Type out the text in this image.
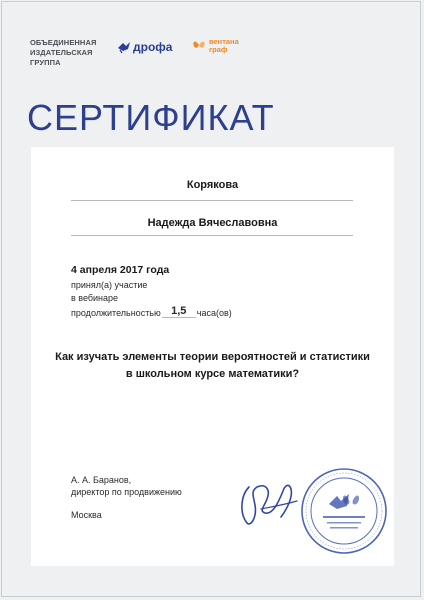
ОБЪЕДИНЕННАЯ ИЗДАТЕЛЬСКАЯ ГРУППА
дрофа	вентана
граф
СЕРТИФИКАТ
Корякова
Надежда Вячеславовна
4 апреля 2017 года
принял(а) участие
в вебинаре
продолжительностью 1,5	часа(ов)
Как изучать элементы теории вероятностей и статистики в школьном курсе математики?
А. А. Баранов,
директор по продвижению
Москва
